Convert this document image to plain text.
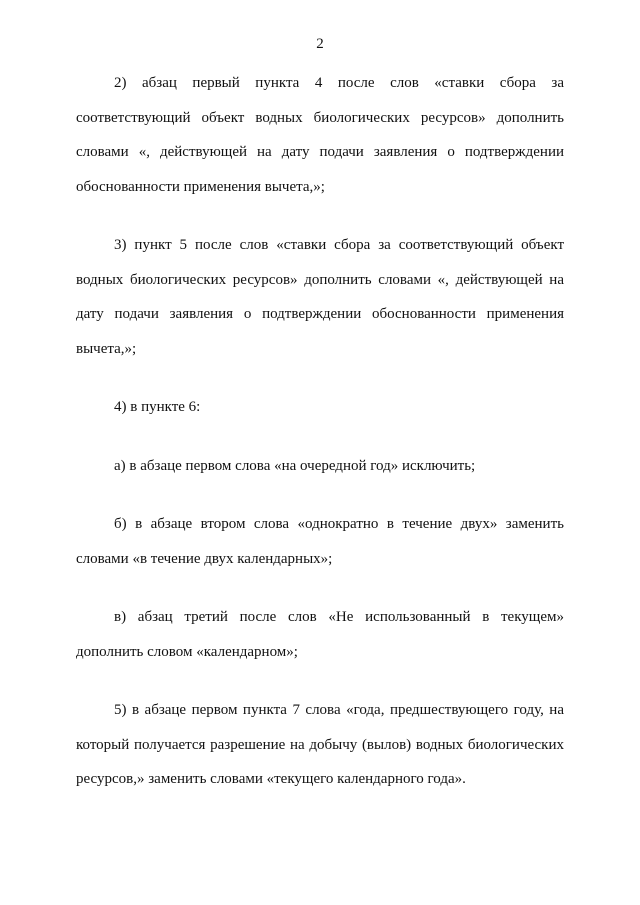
2

2) абзац первый пункта 4 после слов «ставки сбора за соответствующий объект водных биологических ресурсов» дополнить словами «, действующей на дату подачи заявления о подтверждении обоснованности применения вычета,»;

3) пункт 5 после слов «ставки сбора за соответствующий объект водных биологических ресурсов» дополнить словами «, действующей на дату подачи заявления о подтверждении обоснованности применения вычета,»;

4) в пункте 6:

а) в абзаце первом слова «на очередной год» исключить;

б) в абзаце втором слова «однократно в течение двух» заменить словами «в течение двух календарных»;

в) абзац третий после слов «Не использованный в текущем» дополнить словом «календарном»;

5) в абзаце первом пункта 7 слова «года, предшествующего году, на который получается разрешение на добычу (вылов) водных биологических ресурсов,» заменить словами «текущего календарного года».
